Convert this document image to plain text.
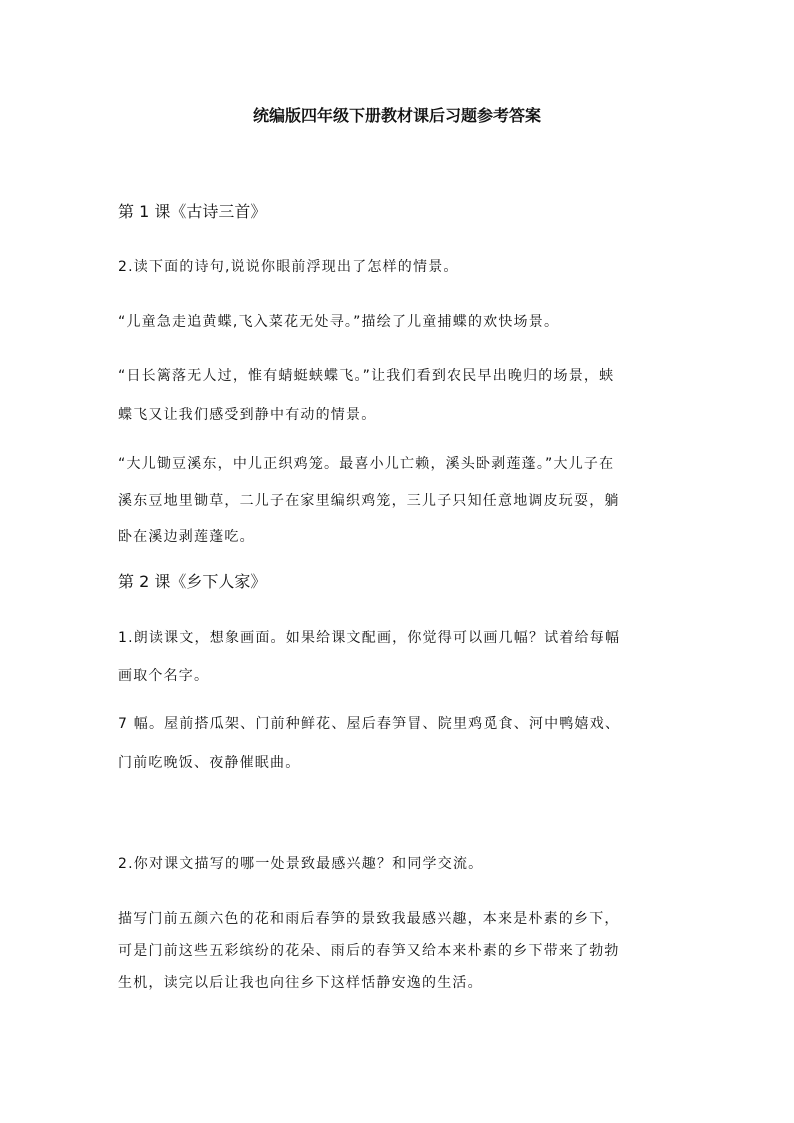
统编版四年级下册教材课后习题参考答案

第 1 课《古诗三首》

2.读下面的诗句,说说你眼前浮现出了怎样的情景。

“儿童急走追黄蝶,飞入菜花无处寻。”描绘了儿童捕蝶的欢快场景。

“日长篱落无人过，惟有蜻蜓蛱蝶飞。”让我们看到农民早出晚归的场景，蛱

蝶飞又让我们感受到静中有动的情景。

“大儿锄豆溪东，中儿正织鸡笼。最喜小儿亡赖，溪头卧剥莲蓬。”大儿子在

溪东豆地里锄草，二儿子在家里编织鸡笼，三儿子只知任意地调皮玩耍，躺

卧在溪边剥莲蓬吃。

第 2 课《乡下人家》

1.朗读课文，想象画面。如果给课文配画，你觉得可以画几幅？试着给每幅

画取个名字。

7 幅。屋前搭瓜架、门前种鲜花、屋后春笋冒、院里鸡觅食、河中鸭嬉戏、

门前吃晚饭、夜静催眠曲。

2.你对课文描写的哪一处景致最感兴趣？和同学交流。

描写门前五颜六色的花和雨后春笋的景致我最感兴趣，本来是朴素的乡下，

可是门前这些五彩缤纷的花朵、雨后的春笋又给本来朴素的乡下带来了勃勃

生机，读完以后让我也向往乡下这样恬静安逸的生活。
